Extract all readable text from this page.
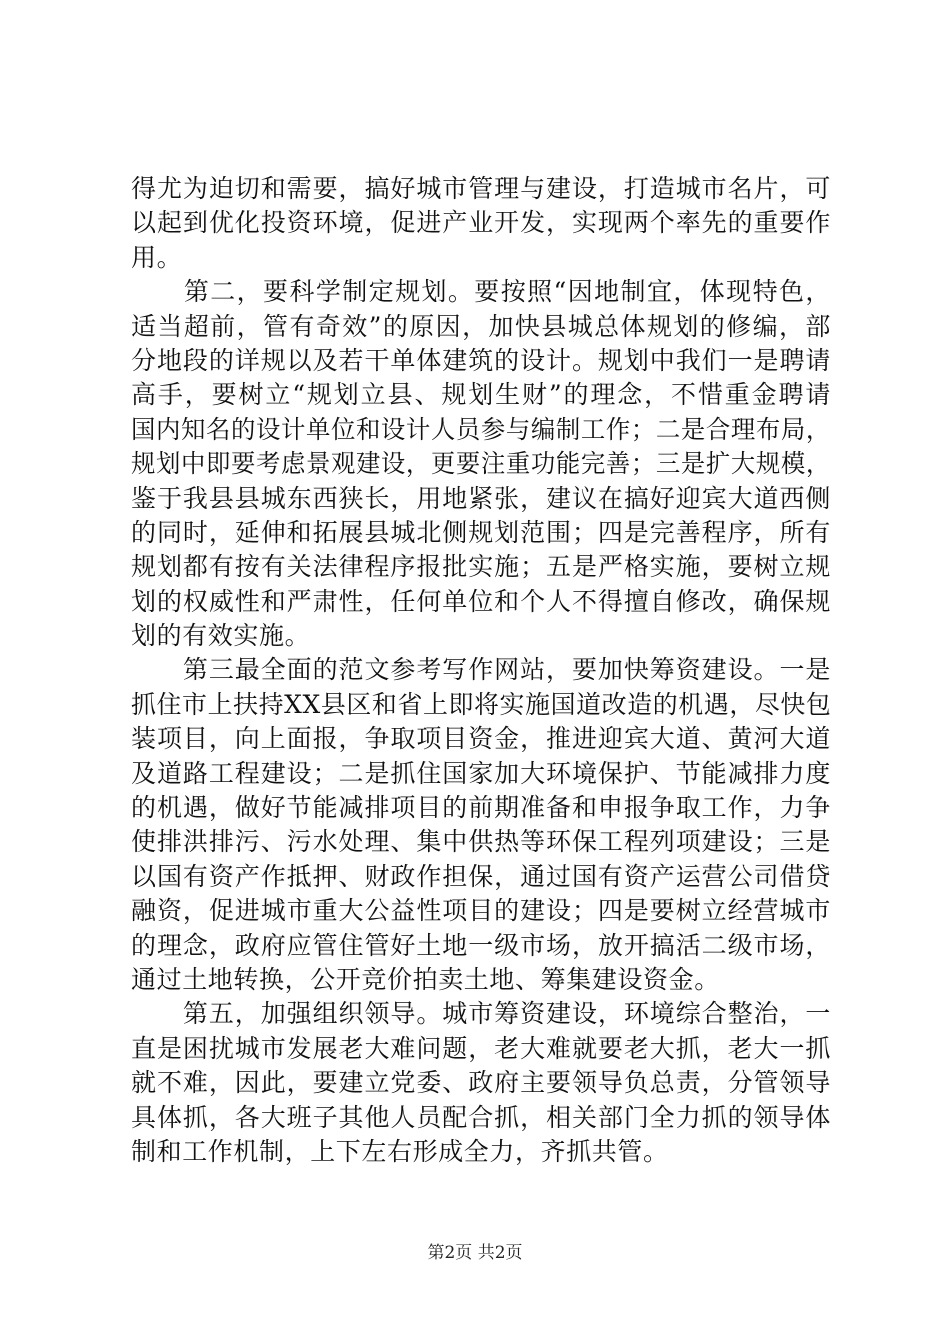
得尤为迫切和需要，搞好城市管理与建设，打造城市名片，可
以起到优化投资环境，促进产业开发，实现两个率先的重要作
用。
　　第二，要科学制定规划。要按照“因地制宜，体现特色，
适当超前，管有奇效”的原因，加快县城总体规划的修编，部
分地段的详规以及若干单体建筑的设计。规划中我们一是聘请
高手，要树立“规划立县、规划生财”的理念，不惜重金聘请
国内知名的设计单位和设计人员参与编制工作；二是合理布局，
规划中即要考虑景观建设，更要注重功能完善；三是扩大规模，
鉴于我县县城东西狭长，用地紧张，建议在搞好迎宾大道西侧
的同时，延伸和拓展县城北侧规划范围；四是完善程序，所有
规划都有按有关法律程序报批实施；五是严格实施，要树立规
划的权威性和严肃性，任何单位和个人不得擅自修改，确保规
划的有效实施。
　　第三最全面的范文参考写作网站，要加快筹资建设。一是
抓住市上扶持XX县区和省上即将实施国道改造的机遇，尽快包
装项目，向上面报，争取项目资金，推进迎宾大道、黄河大道
及道路工程建设；二是抓住国家加大环境保护、节能减排力度
的机遇，做好节能减排项目的前期准备和申报争取工作，力争
使排洪排污、污水处理、集中供热等环保工程列项建设；三是
以国有资产作抵押、财政作担保，通过国有资产运营公司借贷
融资，促进城市重大公益性项目的建设；四是要树立经营城市
的理念，政府应管住管好土地一级市场，放开搞活二级市场，
通过土地转换，公开竞价拍卖土地、筹集建设资金。
　　第五，加强组织领导。城市筹资建设，环境综合整治，一
直是困扰城市发展老大难问题，老大难就要老大抓，老大一抓
就不难，因此，要建立党委、政府主要领导负总责，分管领导
具体抓，各大班子其他人员配合抓，相关部门全力抓的领导体
制和工作机制，上下左右形成全力，齐抓共管。
第2页 共2页
